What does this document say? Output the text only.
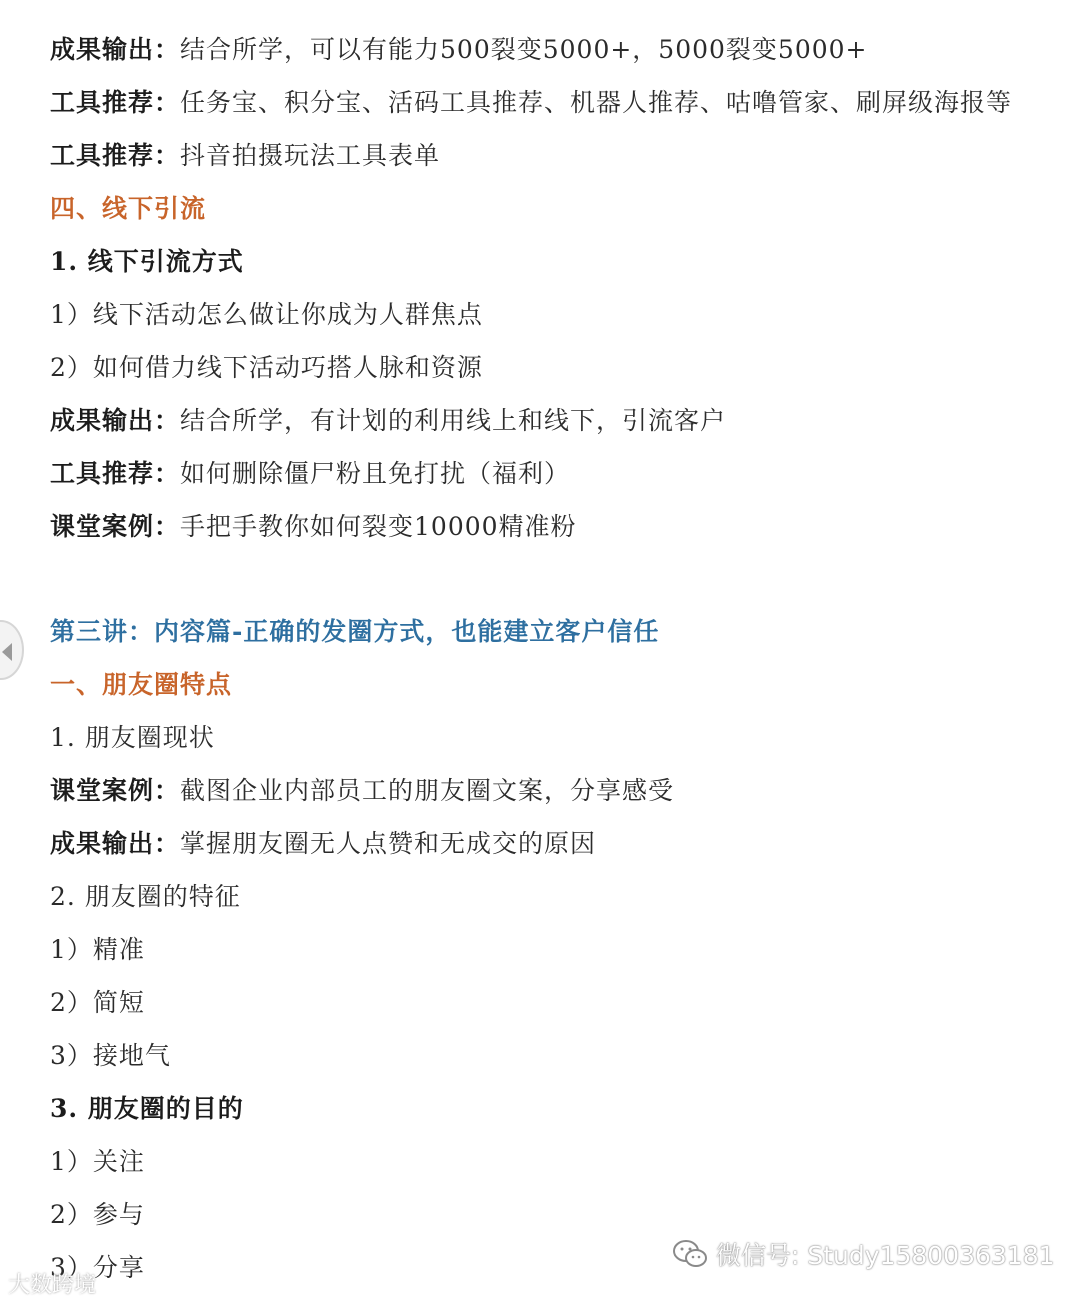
成果输出：结合所学，可以有能力500裂变5000+，5000裂变5000+
工具推荐：任务宝、积分宝、活码工具推荐、机器人推荐、咕噜管家、刷屏级海报等
工具推荐：抖音拍摄玩法工具表单
四、线下引流
1. 线下引流方式
1）线下活动怎么做让你成为人群焦点
2）如何借力线下活动巧搭人脉和资源
成果输出：结合所学，有计划的利用线上和线下，引流客户
工具推荐：如何删除僵尸粉且免打扰（福利）
课堂案例：手把手教你如何裂变10000精准粉
第三讲：内容篇-正确的发圈方式，也能建立客户信任
一、朋友圈特点
1. 朋友圈现状
课堂案例：截图企业内部员工的朋友圈文案，分享感受
成果输出：掌握朋友圈无人点赞和无成交的原因
2. 朋友圈的特征
1）精准
2）简短
3）接地气
3. 朋友圈的目的
1）关注
2）参与
3）分享	微信号: Study15800363181
大数跨境
